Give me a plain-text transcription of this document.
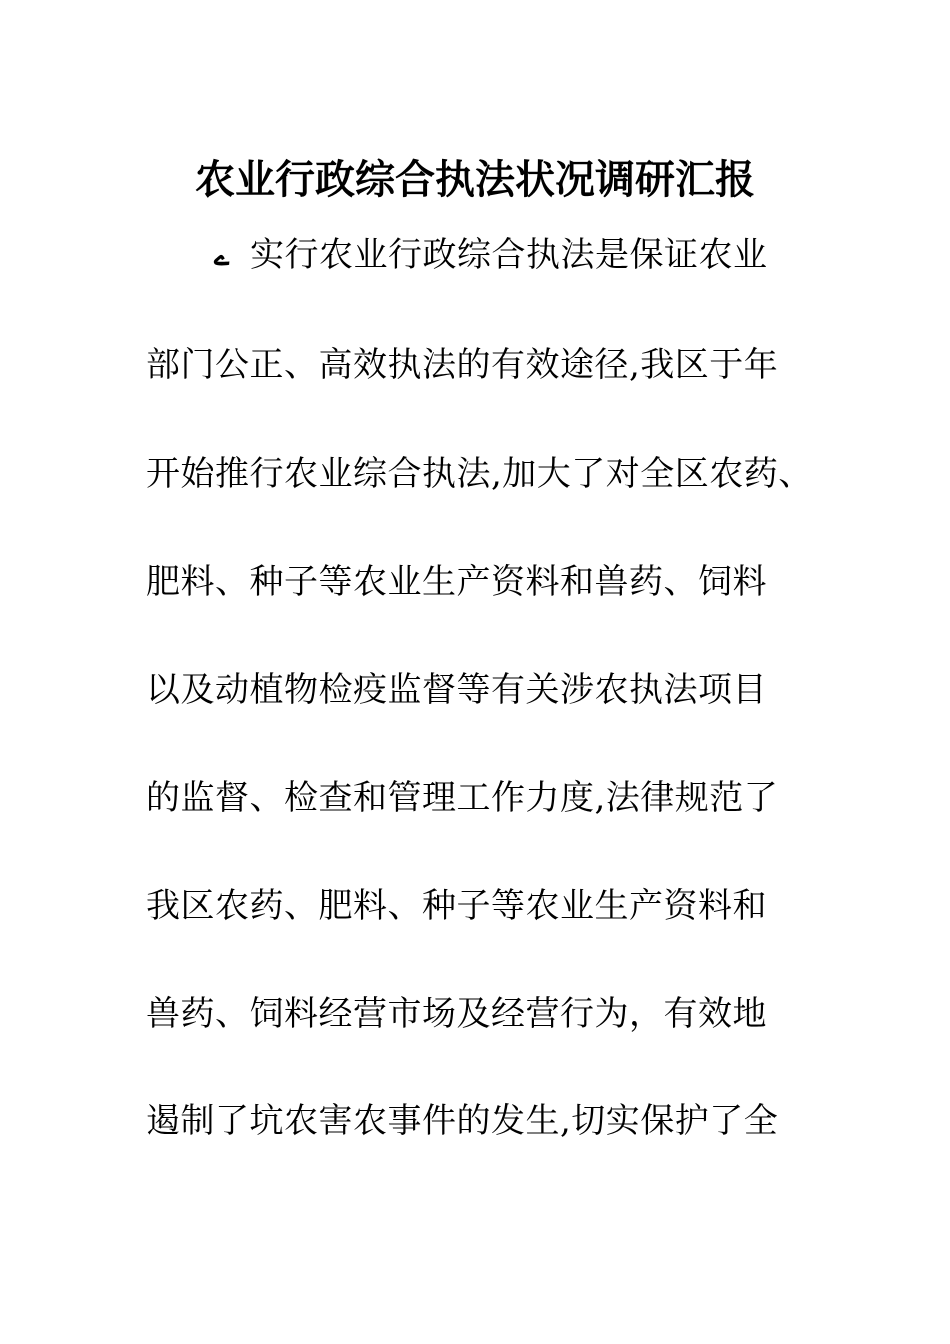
农业行政综合执法状况调研汇报
ے 实行农业行政综合执法是保证农业
部门公正、高效执法的有效途径,我区于年
开始推行农业综合执法,加大了对全区农药、
肥料、种子等农业生产资料和兽药、饲料
以及动植物检疫监督等有关涉农执法项目
的监督、检查和管理工作力度,法律规范了
我区农药、肥料、种子等农业生产资料和
兽药、饲料经营市场及经营行为，有效地
遏制了坑农害农事件的发生,切实保护了全
